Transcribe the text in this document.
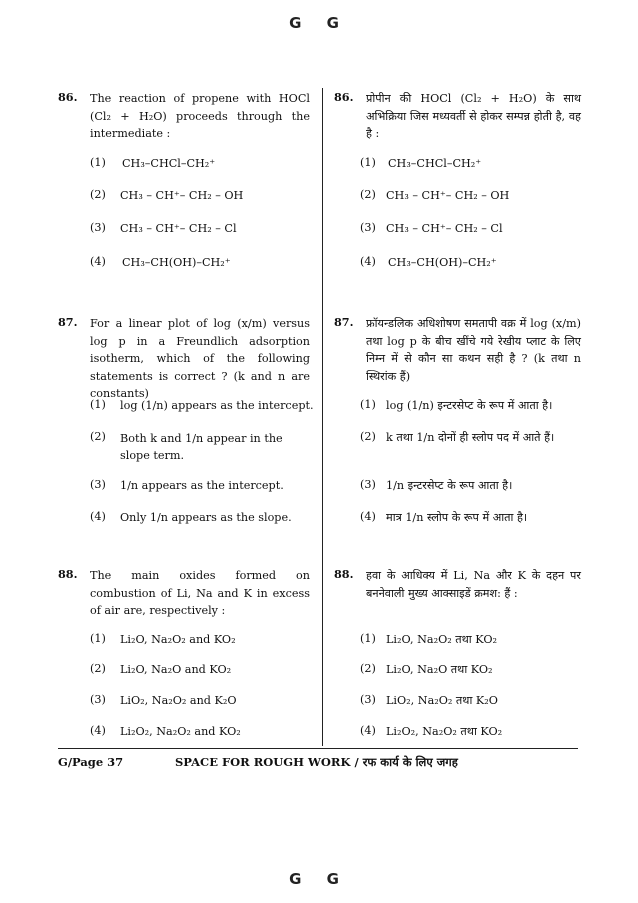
G G
86. The reaction of propene with HOCl (Cl₂ + H₂O) proceeds through the intermediate :
(1) CH₃–CHCl–CH₂⁺
(2) CH₃ – CH⁺– CH₂ – OH
(3) CH₃ – CH⁺– CH₂ – Cl
(4) CH₃–CH(OH)–CH₂⁺
86. प्रोपीन की HOCl (Cl₂ + H₂O) के साथ अभिक्रिया जिस मध्यवर्ती से होकर सम्पन्न होती है, वह है :
(1) CH₃–CHCl–CH₂⁺
(2) CH₃ – CH⁺– CH₂ – OH
(3) CH₃ – CH⁺– CH₂ – Cl
(4) CH₃–CH(OH)–CH₂⁺
87. For a linear plot of log (x/m) versus log p in a Freundlich adsorption isotherm, which of the following statements is correct ? (k and n are constants)
(1) log (1/n) appears as the intercept.
(2) Both k and 1/n appear in the slope term.
(3) 1/n appears as the intercept.
(4) Only 1/n appears as the slope.
87. फ्रॉयन्डलिक अधिशोषण समतापी वक्र में log (x/m) तथा log p के बीच खींचे गये रेखीय प्लाट के लिए निम्न में से कौन सा कथन सही है ? (k तथा n स्थिरांक हैं)
(1) log (1/n) इन्टरसेप्ट के रूप में आता है।
(2) k तथा 1/n दोनों ही स्लोप पद में आते हैं।
(3) 1/n इन्टरसेप्ट के रूप आता है।
(4) मात्र 1/n स्लोप के रूप में आता है।
88. The main oxides formed on combustion of Li, Na and K in excess of air are, respectively :
(1) Li₂O, Na₂O₂ and KO₂
(2) Li₂O, Na₂O and KO₂
(3) LiO₂, Na₂O₂ and K₂O
(4) Li₂O₂, Na₂O₂ and KO₂
88. हवा के आधिक्य में Li, Na और K के दहन पर बननेवाली मुख्य आक्साइडें क्रमश: हैं :
(1) Li₂O, Na₂O₂ तथा KO₂
(2) Li₂O, Na₂O तथा KO₂
(3) LiO₂, Na₂O₂ तथा K₂O
(4) Li₂O₂, Na₂O₂ तथा KO₂
G/Page 37	SPACE FOR ROUGH WORK / रफ कार्य के लिए जगह
G G
